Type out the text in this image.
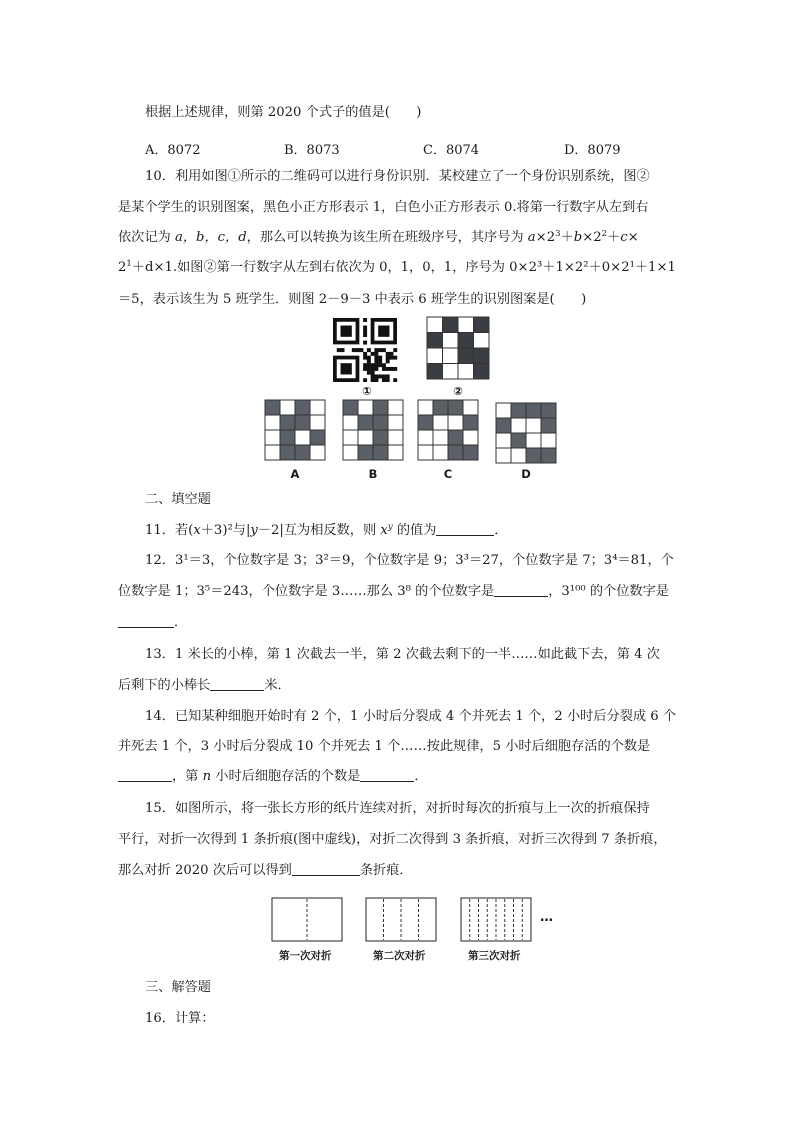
根据上述规律，则第 2020 个式子的值是(　　)
A．8072	B．8073	C．8074	D．8079
10．利用如图①所示的二维码可以进行身份识别．某校建立了一个身份识别系统，图②
是某个学生的识别图案，黑色小正方形表示 1，白色小正方形表示 0.将第一行数字从左到右
依次记为 a，b，c，d，那么可以转换为该生所在班级序号，其序号为 $a\times 2^3+b\times 2^2+c\times$
$2^1+d\times 1$.如图②第一行数字从左到右依次为 0，1，0，1，序号为 0×2³＋1×2²＋0×2¹＋1×1
＝5，表示该生为 5 班学生．则图 2－9－3 中表示 6 班学生的识别图案是(　　)
①	②
A	B	C	D
二、填空题
11．若(x＋3)²与|y－2|互为相反数，则 $x^y$ 的值为	．
12．3¹＝3，个位数字是 3；3²＝9，个位数字是 9；3³＝27，个位数字是 7；3⁴＝81，个
位数字是 1；3⁵＝243，个位数字是 3……那么 3⁸ 的个位数字是	，3¹⁰⁰ 的个位数字是
．
13．1 米长的小棒，第 1 次截去一半，第 2 次截去剩下的一半……如此截下去，第 4 次
后剩下的小棒长	米．
14．已知某种细胞开始时有 2 个，1 小时后分裂成 4 个并死去 1 个，2 小时后分裂成 6 个
并死去 1 个，3 小时后分裂成 10 个并死去 1 个……按此规律，5 小时后细胞存活的个数是
，第 n 小时后细胞存活的个数是	．
15．如图所示，将一张长方形的纸片连续对折，对折时每次的折痕与上一次的折痕保持
平行，对折一次得到 1 条折痕(图中虚线)，对折二次得到 3 条折痕，对折三次得到 7 条折痕，
那么对折 2020 次后可以得到	条折痕．
…
第一次对折	第二次对折	第三次对折
三、解答题
16．计算：
